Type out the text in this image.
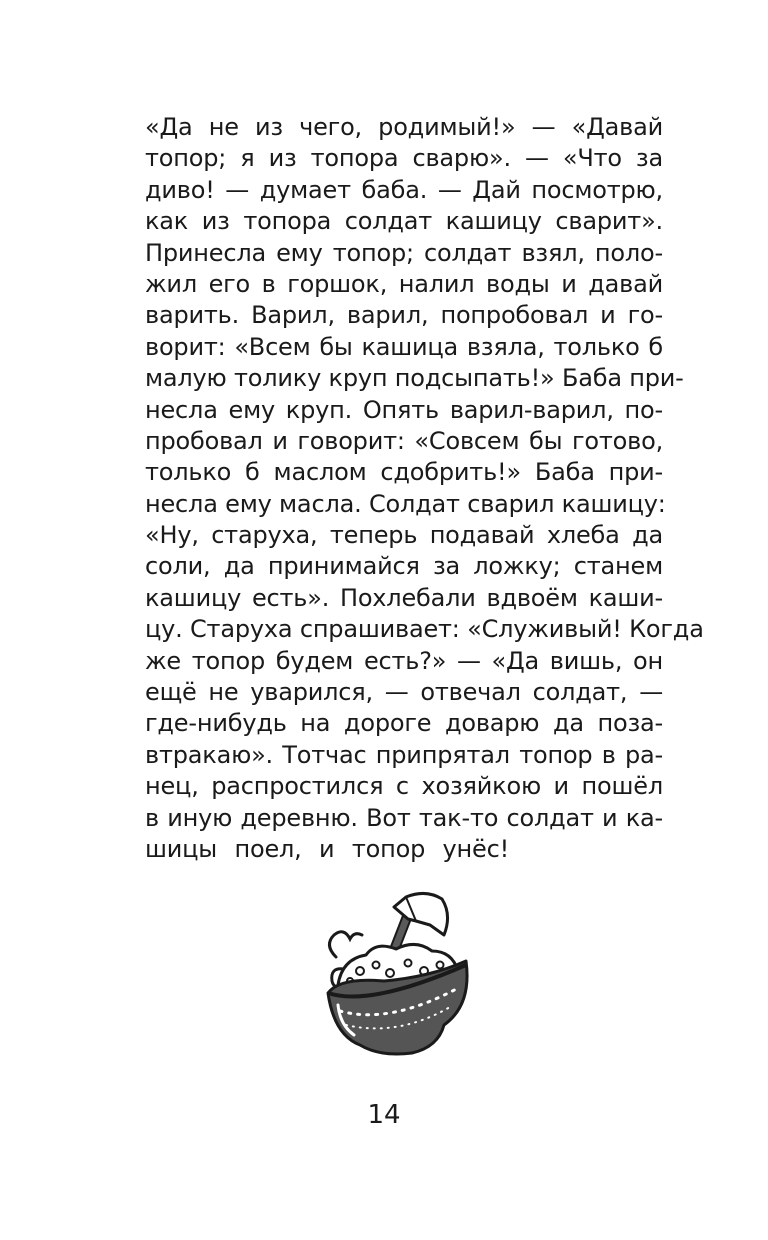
«Да не из чего, родимый!» — «Давай
топор; я из топора сварю». — «Что за
диво! — думает баба. — Дай посмотрю,
как из топора солдат кашицу сварит».
Принесла ему топор; солдат взял, поло-
жил его в горшок, налил воды и давай
варить. Варил, варил, попробовал и го-
ворит: «Всем бы кашица взяла, только б
малую толику круп подсыпать!» Баба при-
несла ему круп. Опять варил-варил, по-
пробовал и говорит: «Совсем бы готово,
только б маслом сдобрить!» Баба при-
несла ему масла. Солдат сварил кашицу:
«Ну, старуха, теперь подавай хлеба да
соли, да принимайся за ложку; станем
кашицу есть». Похлебали вдвоём каши-
цу. Старуха спрашивает: «Служивый! Когда
же топор будем есть?» — «Да вишь, он
ещё не уварился, — отвечал солдат, —
где-нибудь на дороге доварю да поза-
втракаю». Тотчас припрятал топор в ра-
нец, распростился с хозяйкою и пошёл
в иную деревню. Вот так-то солдат и ка-
шицы поел, и топор унёс!
14
